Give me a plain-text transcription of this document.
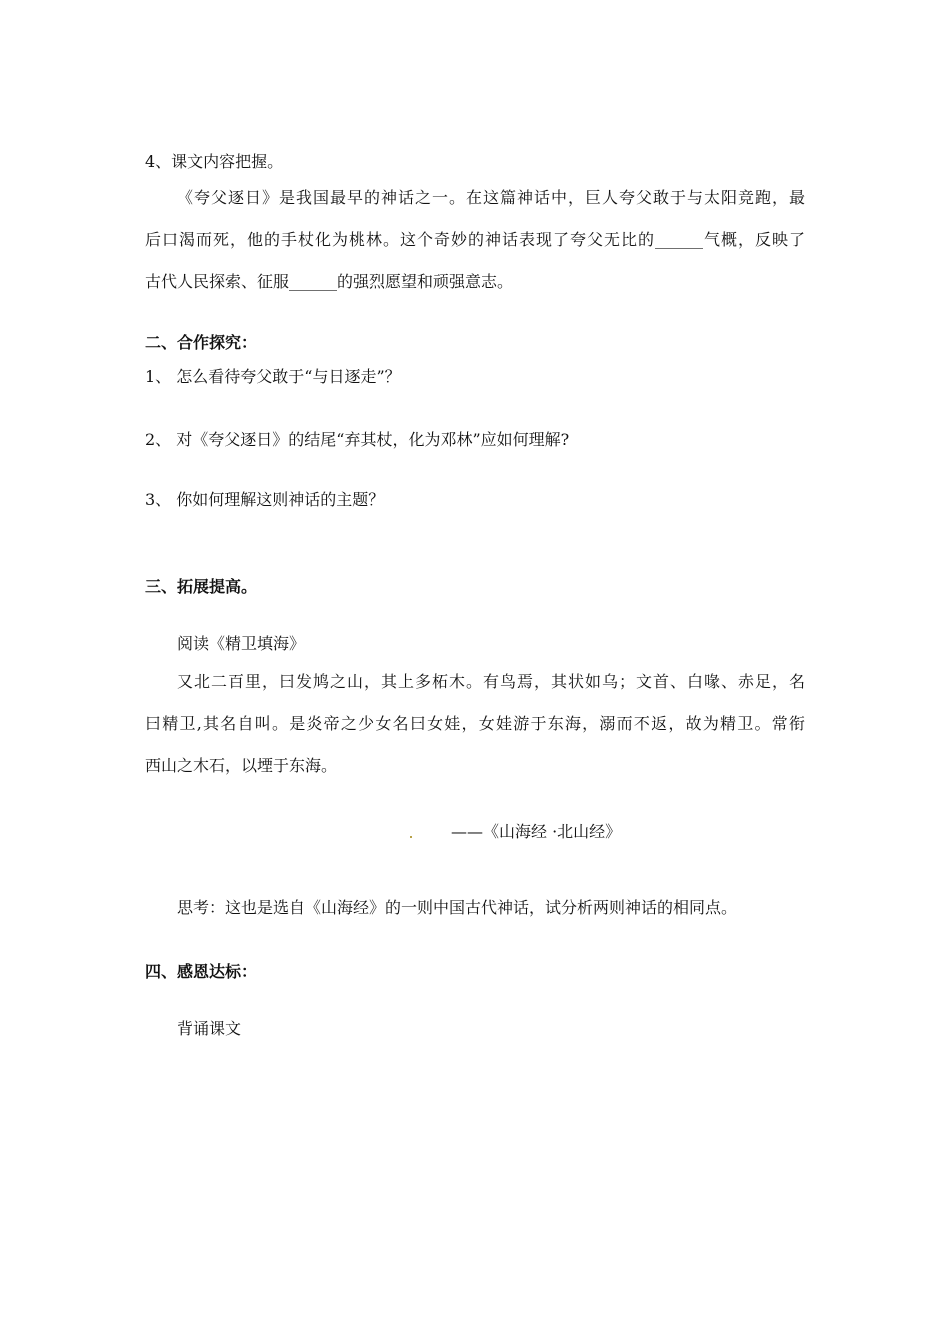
4、课文内容把握。
《夸父逐日》是我国最早的神话之一。在这篇神话中，巨人夸父敢于与太阳竞跑，最
后口渴而死，他的手杖化为桃林。这个奇妙的神话表现了夸父无比的______气概，反映了
古代人民探索、征服______的强烈愿望和顽强意志。
二、合作探究：
1、 怎么看待夸父敢于“与日逐走”？
2、 对《夸父逐日》的结尾“弃其杖，化为邓林”应如何理解?
3、 你如何理解这则神话的主题？
三、拓展提高。
阅读《精卫填海》
又北二百里，曰发鸠之山，其上多柘木。有鸟焉，其状如乌；文首、白喙、赤足，名
曰精卫,其名自叫。是炎帝之少女名曰女娃，女娃游于东海，溺而不返，故为精卫。常衔
西山之木石，以堙于东海。
——《山海经 ·北山经》
思考：这也是选自《山海经》的一则中国古代神话，试分析两则神话的相同点。
四、感恩达标：
背诵课文
